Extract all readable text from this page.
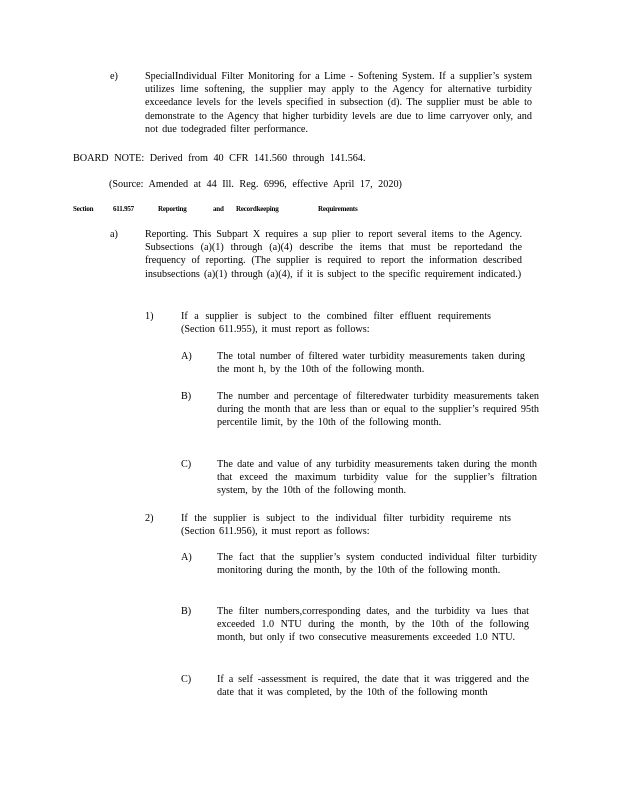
e)	SpecialIndividual Filter Monitoring for a Lime - Softening System. If a supplier’s system utilizes lime softening, the supplier may apply to the Agency for alternative turbidity exceedance levels for the levels specified in subsection (d). The supplier must be able to demonstrate to the Agency that higher turbidity levels are due to lime carryover only, and not due todegraded filter performance.

BOARD NOTE: Derived from 40 CFR 141.560 through 141.564.

(Source: Amended at 44 Ill. Reg. 6996, effective April 17, 2020)

Section	611.957	Reporting	and Recordkeeping	Requirements

a)	Reporting. This Subpart X requires a sup plier to report several items to the Agency. Subsections (a)(1) through (a)(4) describe the items that must be reportedand the frequency of reporting. (The supplier is required to report the information described insubsections (a)(1) through (a)(4), if it is subject to the specific requirement indicated.)

1)	If a supplier is subject to the combined filter effluent requirements (Section 611.955), it must report as follows:

A) The total number of filtered water turbidity measurements taken during the mont h, by the 10th of the following month.

B)	The number and percentage of filteredwater turbidity measurements taken during the month that are less than or equal to the supplier’s required 95th percentile limit, by the 10th of the following month.

C)	The date and value of any turbidity measurements taken during the month that exceed the maximum turbidity value for the supplier’s filtration system, by the 10th of the following month.

2)	If the supplier is subject to the individual filter turbidity requireme nts (Section 611.956), it must report as follows:

A) The fact that the supplier’s system conducted individual filter turbidity monitoring during the month, by the 10th of the following month.

B)	The filter numbers,corresponding dates, and the turbidity va lues that exceeded 1.0 NTU during the month, by the 10th of the following month, but only if two consecutive measurements exceeded 1.0 NTU.

C)	If a self -assessment is required, the date that it was triggered and the date that it was completed, by the 10th of the following month
